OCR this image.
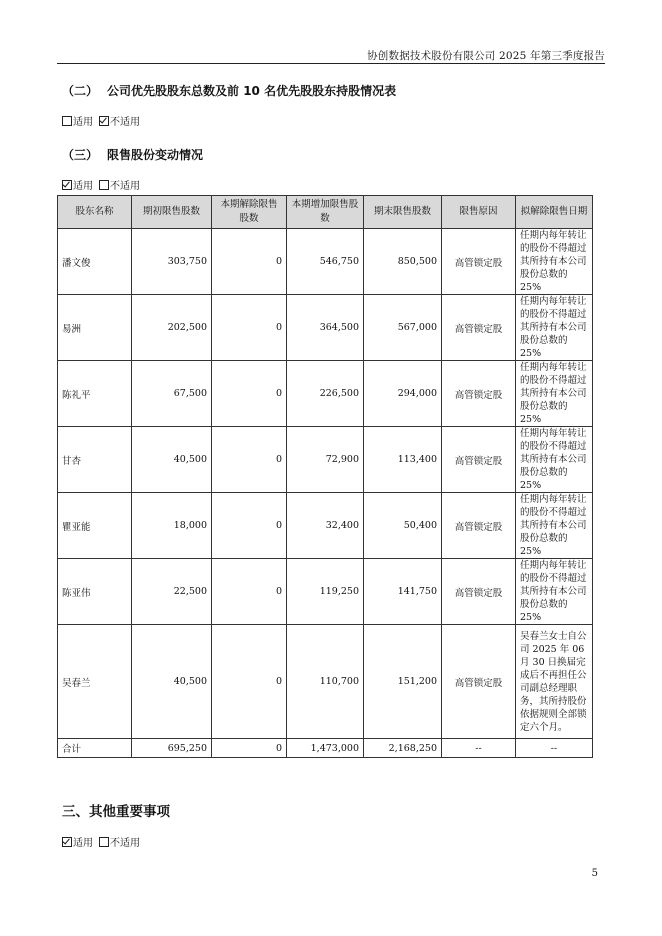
协创数据技术股份有限公司 2025 年第三季度报告
（二） 公司优先股股东总数及前 10 名优先股股东持股情况表
适用 不适用
（三） 限售股份变动情况
适用 不适用
股东名称	期初限售股数	本期解除限售股数	本期增加限售股数	期末限售股数	限售原因	拟解除限售日期
潘文俊	303,750	0	546,750	850,500	高管锁定股	任期内每年转让的股份不得超过其所持有本公司股份总数的 25%
易洲	202,500	0	364,500	567,000	高管锁定股	任期内每年转让的股份不得超过其所持有本公司股份总数的 25%
陈礼平	67,500	0	226,500	294,000	高管锁定股	任期内每年转让的股份不得超过其所持有本公司股份总数的 25%
甘杏	40,500	0	72,900	113,400	高管锁定股	任期内每年转让的股份不得超过其所持有本公司股份总数的 25%
瞿亚能	18,000	0	32,400	50,400	高管锁定股	任期内每年转让的股份不得超过其所持有本公司股份总数的 25%
陈亚伟	22,500	0	119,250	141,750	高管锁定股	任期内每年转让的股份不得超过其所持有本公司股份总数的 25%
吴春兰	40,500	0	110,700	151,200	高管锁定股	吴春兰女士自公司 2025 年 06 月 30 日换届完成后不再担任公司副总经理职务，其所持股份依据规则全部锁定六个月。
合计	695,250	0	1,473,000	2,168,250	--	--
三、其他重要事项
适用 不适用
5
